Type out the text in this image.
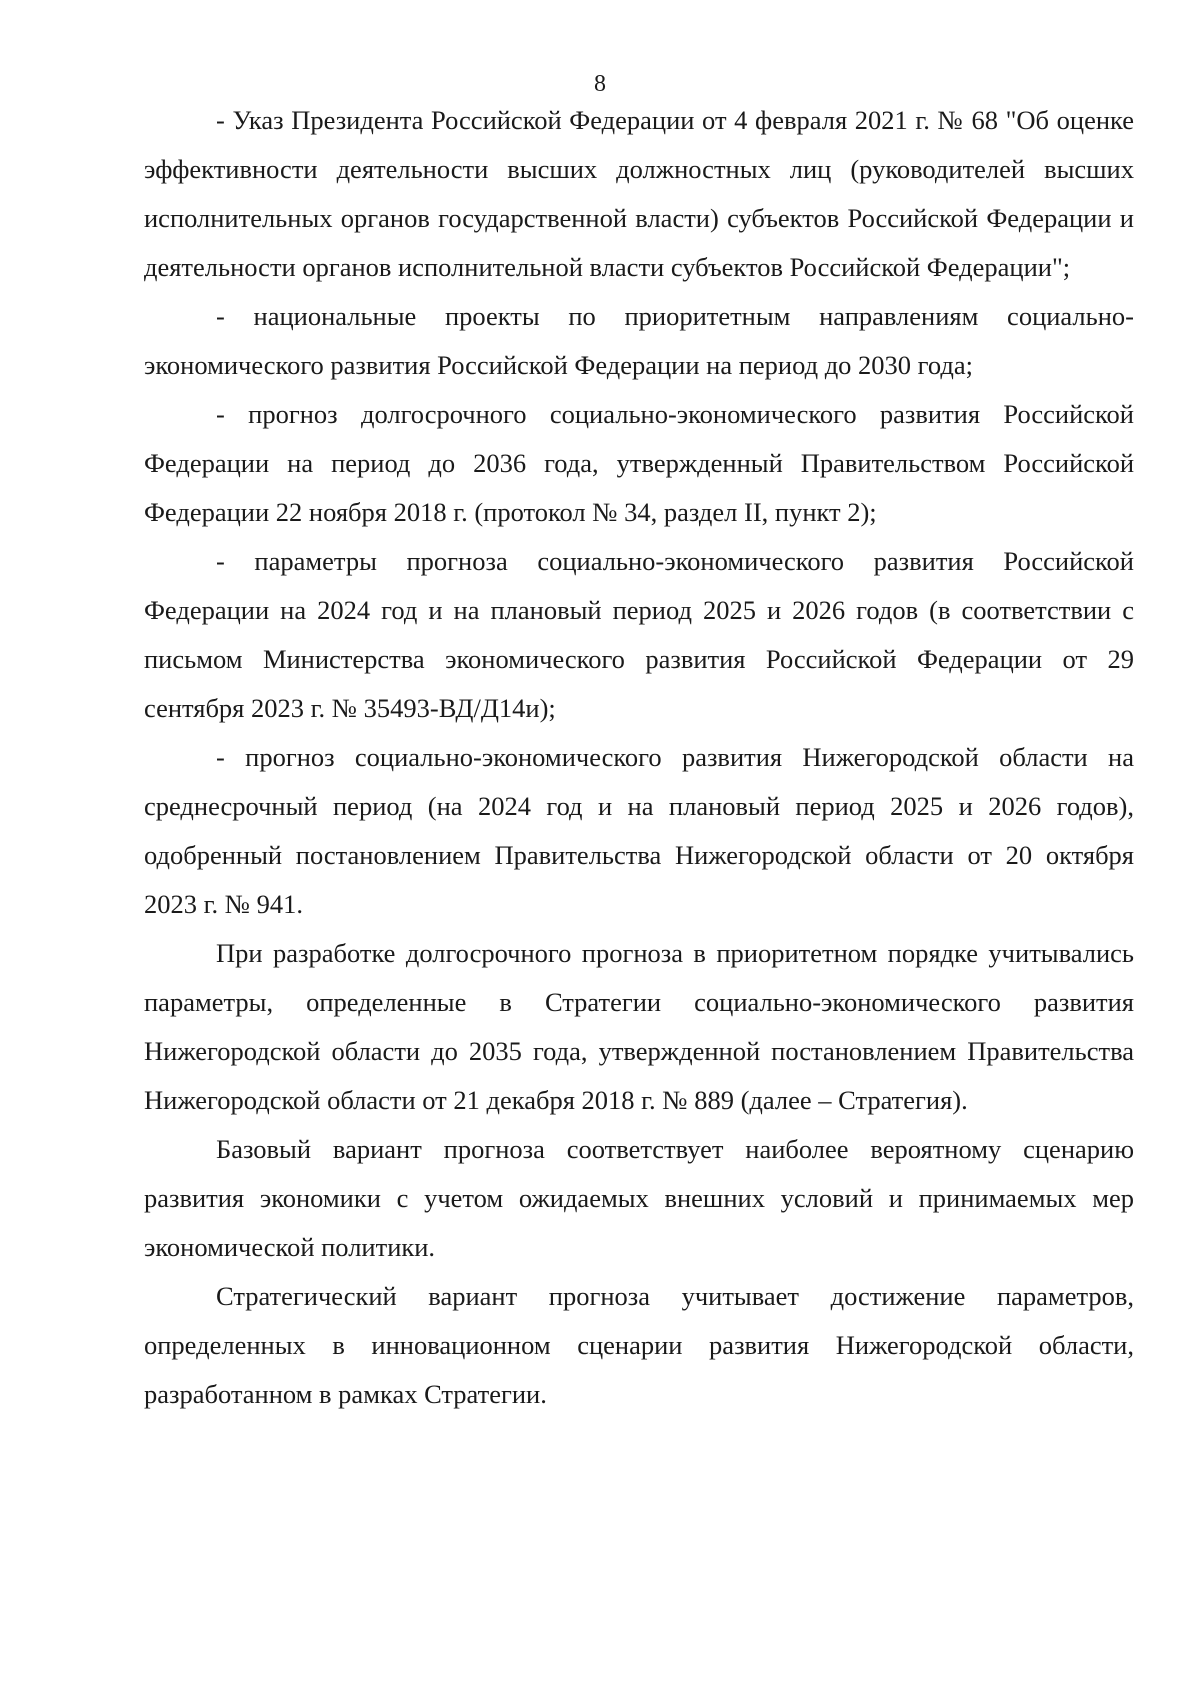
8

- Указ Президента Российской Федерации от 4 февраля 2021 г. № 68 "Об оценке эффективности деятельности высших должностных лиц (руководителей высших исполнительных органов государственной власти) субъектов Российской Федерации и деятельности органов исполнительной власти субъектов Российской Федерации";

- национальные проекты по приоритетным направлениям социально-экономического развития Российской Федерации на период до 2030 года;

- прогноз долгосрочного социально-экономического развития Российской Федерации на период до 2036 года, утвержденный Правительством Российской Федерации 22 ноября 2018 г. (протокол № 34, раздел II, пункт 2);

- параметры прогноза социально-экономического развития Российской Федерации на 2024 год и на плановый период 2025 и 2026 годов (в соответствии с письмом Министерства экономического развития Российской Федерации от 29 сентября 2023 г. № 35493-ВД/Д14и);

- прогноз социально-экономического развития Нижегородской области на среднесрочный период (на 2024 год и на плановый период 2025 и 2026 годов), одобренный постановлением Правительства Нижегородской области от 20 октября 2023 г. № 941.

При разработке долгосрочного прогноза в приоритетном порядке учитывались параметры, определенные в Стратегии социально-экономического развития Нижегородской области до 2035 года, утвержденной постановлением Правительства Нижегородской области от 21 декабря 2018 г. № 889 (далее – Стратегия).

Базовый вариант прогноза соответствует наиболее вероятному сценарию развития экономики с учетом ожидаемых внешних условий и принимаемых мер экономической политики.

Стратегический вариант прогноза учитывает достижение параметров, определенных в инновационном сценарии развития Нижегородской области, разработанном в рамках Стратегии.
